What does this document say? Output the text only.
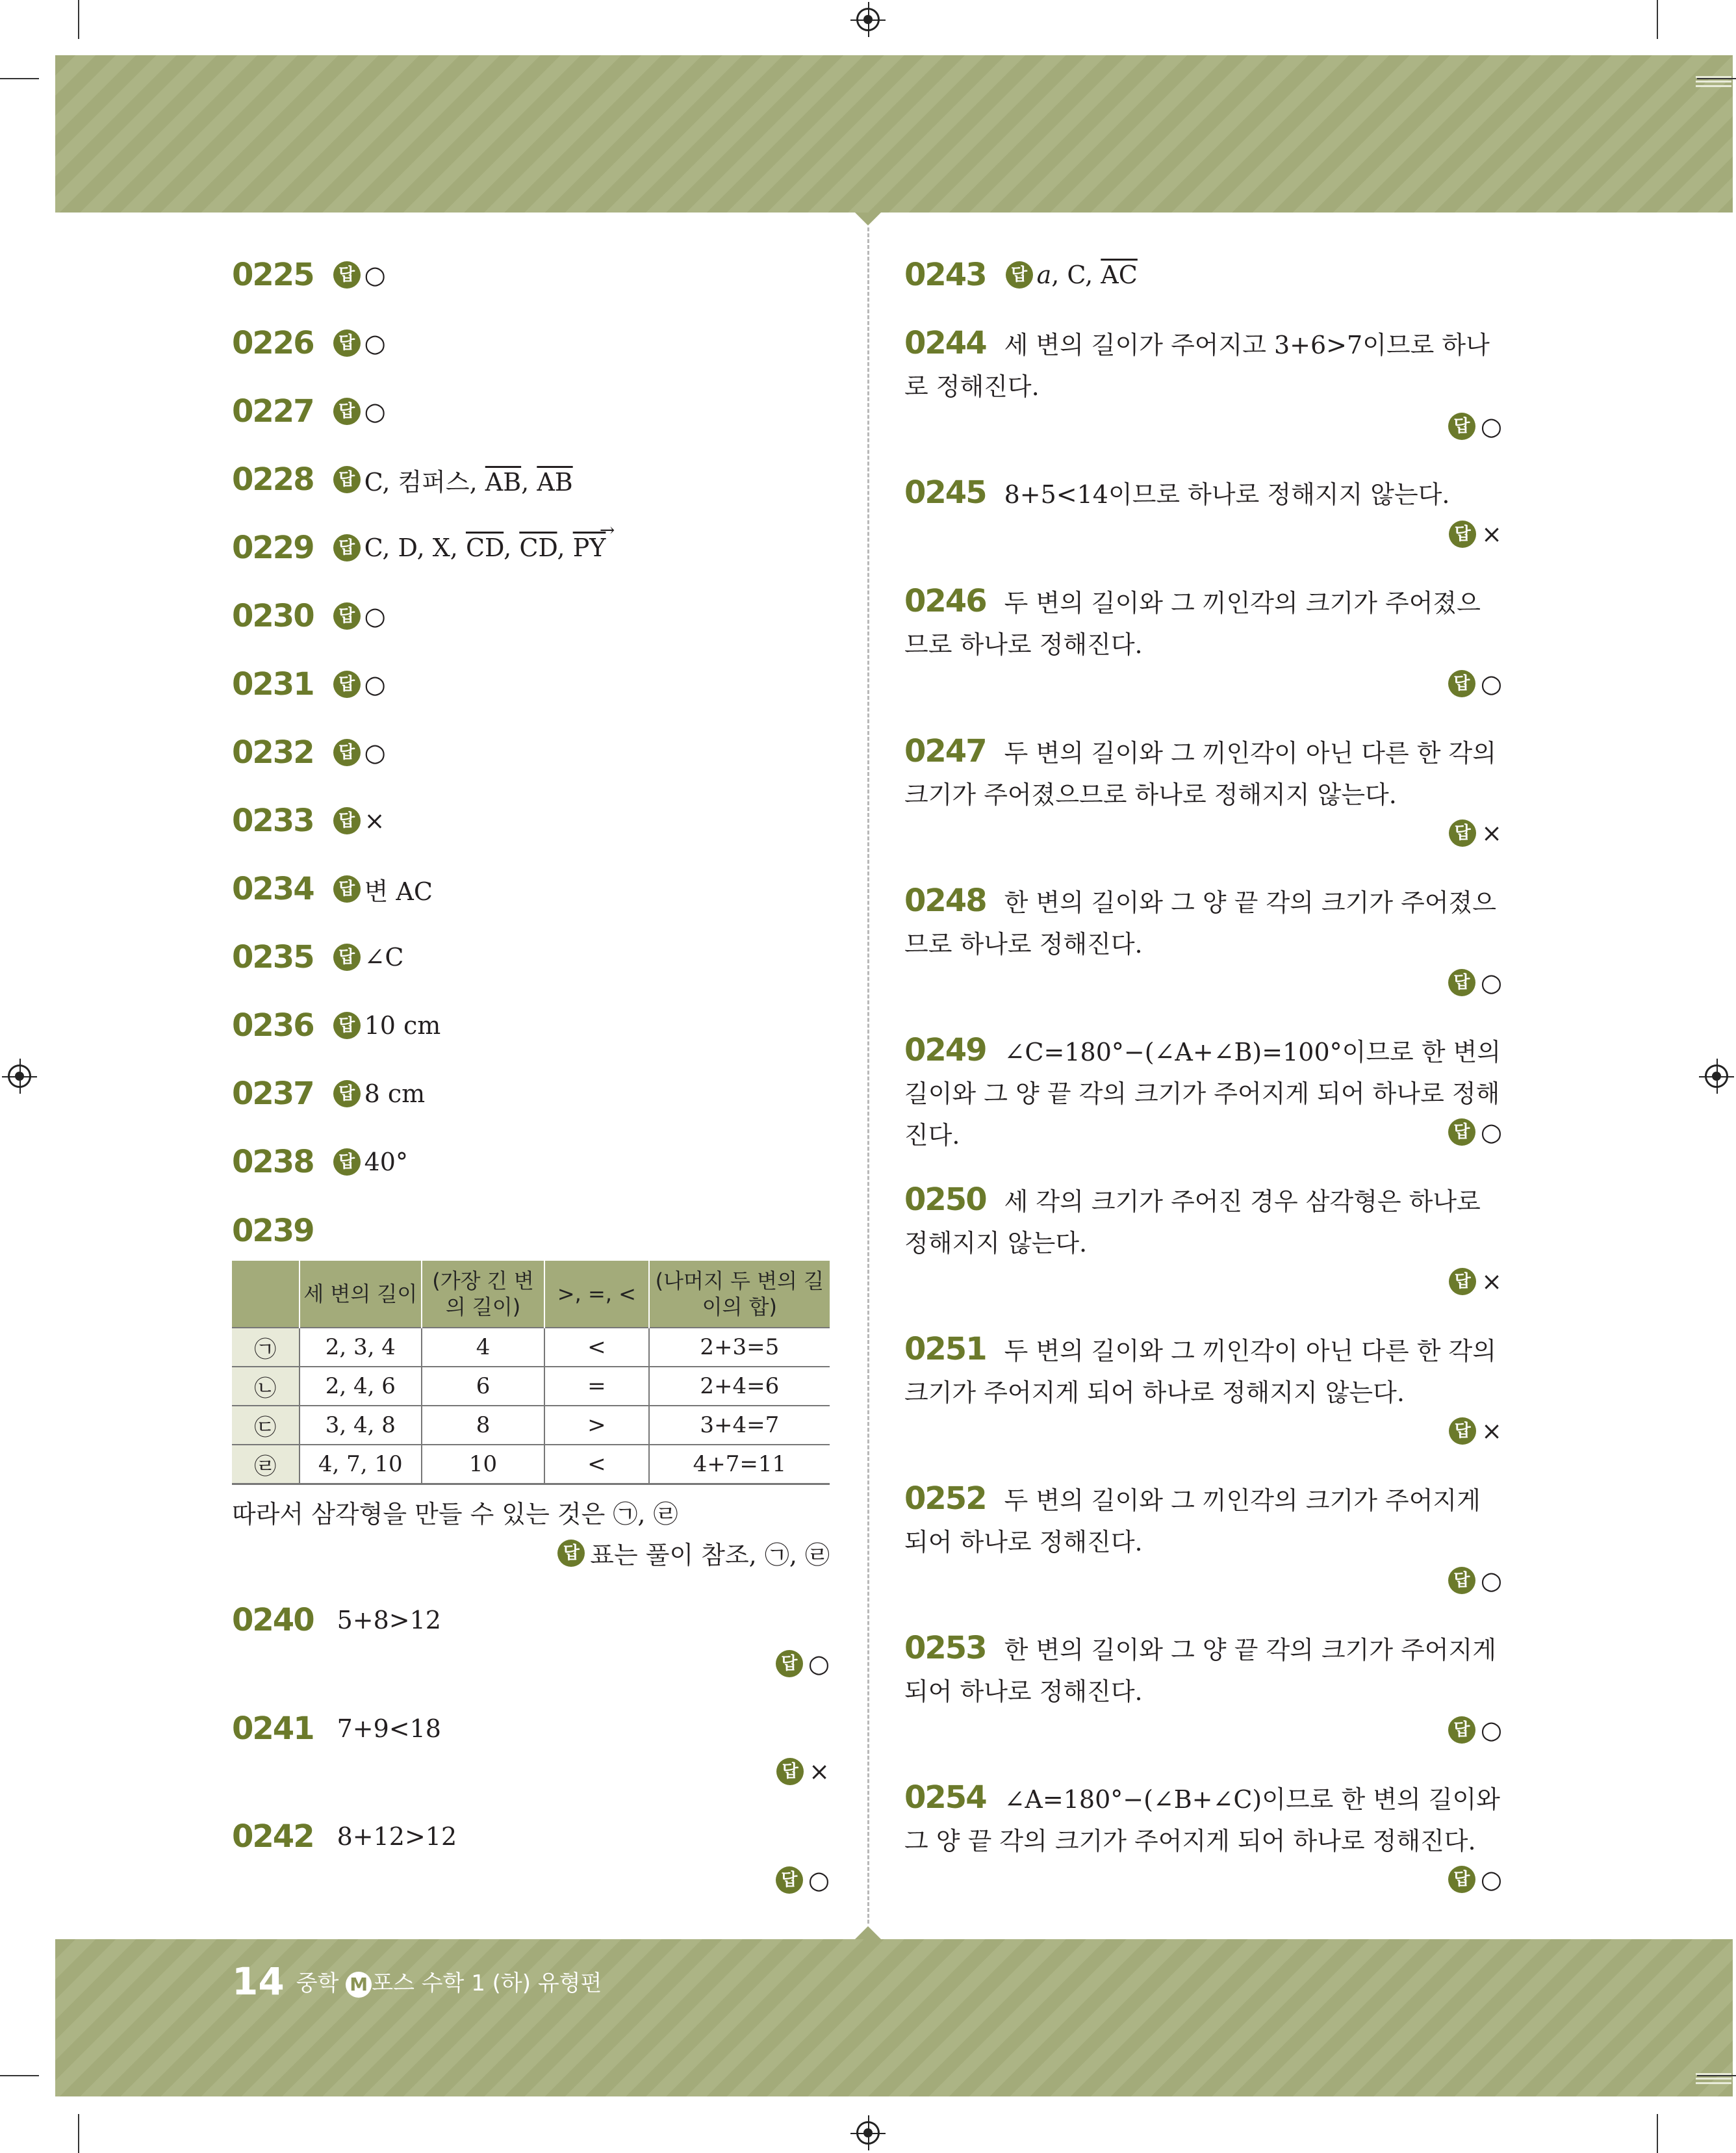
0225 답 ○
0226 답 ○
0227 답 ○
0228 답 C, 컴퍼스, $\overline{AB}$, $\overline{AB}$
0229 답 C, D, X, $\overline{CD}$, $\overline{CD}$, $\overline{PY}$
→
0230 답 ○
0231 답 ○
0232 답 ○
0233 답 ×
0234 답 변 AC
0235 답 ∠C
0236 답 10 cm
0237 답 8 cm
0238 답 40°
0239
	세 변의 길이	(가장 긴 변의 길이)	>, =, <	(나머지 두 변의 길이의 합)
㉠	2, 3, 4	4	<	2+3=5
㉡	2, 4, 6	6	=	2+4=6
㉢	3, 4, 8	8	>	3+4=7
㉣	4, 7, 10	10	<	4+7=11
따라서 삼각형을 만들 수 있는 것은 ㉠, ㉣
답 표는 풀이 참조, ㉠, ㉣
0240 5+8>12
답 ○
0241 7+9<18
답 ×
0242 8+12>12
답 ○
0243 답 a, C, $\overline{AC}$
0244 세 변의 길이가 주어지고 3+6>7이므로 하나로 정해진다.
답 ○
0245 8+5<14이므로 하나로 정해지지 않는다.
답 ×
0246 두 변의 길이와 그 끼인각의 크기가 주어졌으므로 하나로 정해진다.
답 ○
0247 두 변의 길이와 그 끼인각이 아닌 다른 한 각의 크기가 주어졌으므로 하나로 정해지지 않는다.
답 ×
0248 한 변의 길이와 그 양 끝 각의 크기가 주어졌으므로 하나로 정해진다.
답 ○
0249 ∠C=180°−(∠A+∠B)=100°이므로 한 변의 길이와 그 양 끝 각의 크기가 주어지게 되어 하나로 정해진다.	답 ○
0250 세 각의 크기가 주어진 경우 삼각형은 하나로 정해지지 않는다.
답 ×
0251 두 변의 길이와 그 끼인각이 아닌 다른 한 각의 크기가 주어지게 되어 하나로 정해지지 않는다.
답 ×
0252 두 변의 길이와 그 끼인각의 크기가 주어지게 되어 하나로 정해진다.
답 ○
0253 한 변의 길이와 그 양 끝 각의 크기가 주어지게 되어 하나로 정해진다.
답 ○
0254 ∠A=180°−(∠B+∠C)이므로 한 변의 길이와 그 양 끝 각의 크기가 주어지게 되어 하나로 정해진다.
답 ○
14 중학 M 포스 수학 1 (하) 유형편
